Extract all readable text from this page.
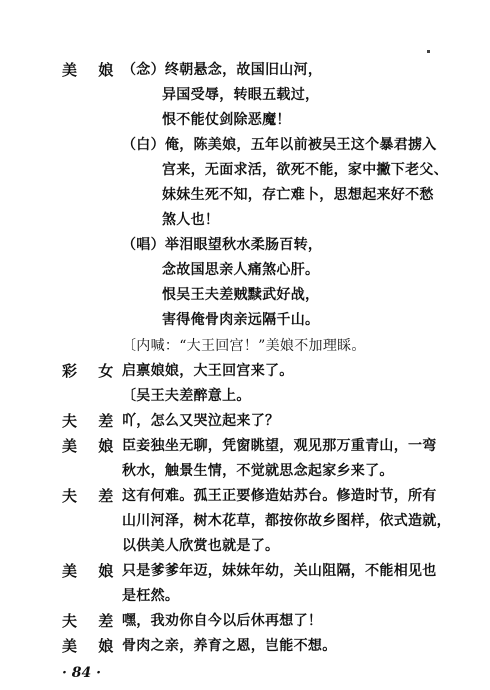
美 娘 （念）终朝悬念，故国旧山河，
异国受辱，转眼五载过，
恨不能仗剑除恶魔！
（白）俺，陈美娘，五年以前被吴王这个暴君掳入
宫来，无面求活，欲死不能，家中撇下老父、
妹妹生死不知，存亡难卜，思想起来好不愁
煞人也！
（唱）举泪眼望秋水柔肠百转，
念故国思亲人痛煞心肝。
恨吴王夫差贼黩武好战，
害得俺骨肉亲远隔千山。
〔内喊：“大王回宫！”美娘不加理睬。
彩 女 启禀娘娘，大王回宫来了。
〔吴王夫差醉意上。
夫 差 吖，怎么又哭泣起来了？
美 娘 臣妾独坐无聊，凭窗眺望，观见那万重青山，一弯
秋水，触景生情，不觉就思念起家乡来了。
夫 差 这有何难。孤王正要修造姑苏台。修造时节，所有
山川河泽，树木花草，都按你故乡图样，依式造就，
以供美人欣赏也就是了。
美 娘 只是爹爹年迈，妹妹年幼，关山阻隔，不能相见也
是枉然。
夫 差 嘿，我劝你自今以后休再想了！
美 娘 骨肉之亲，养育之恩，岂能不想。
· 84 ·
